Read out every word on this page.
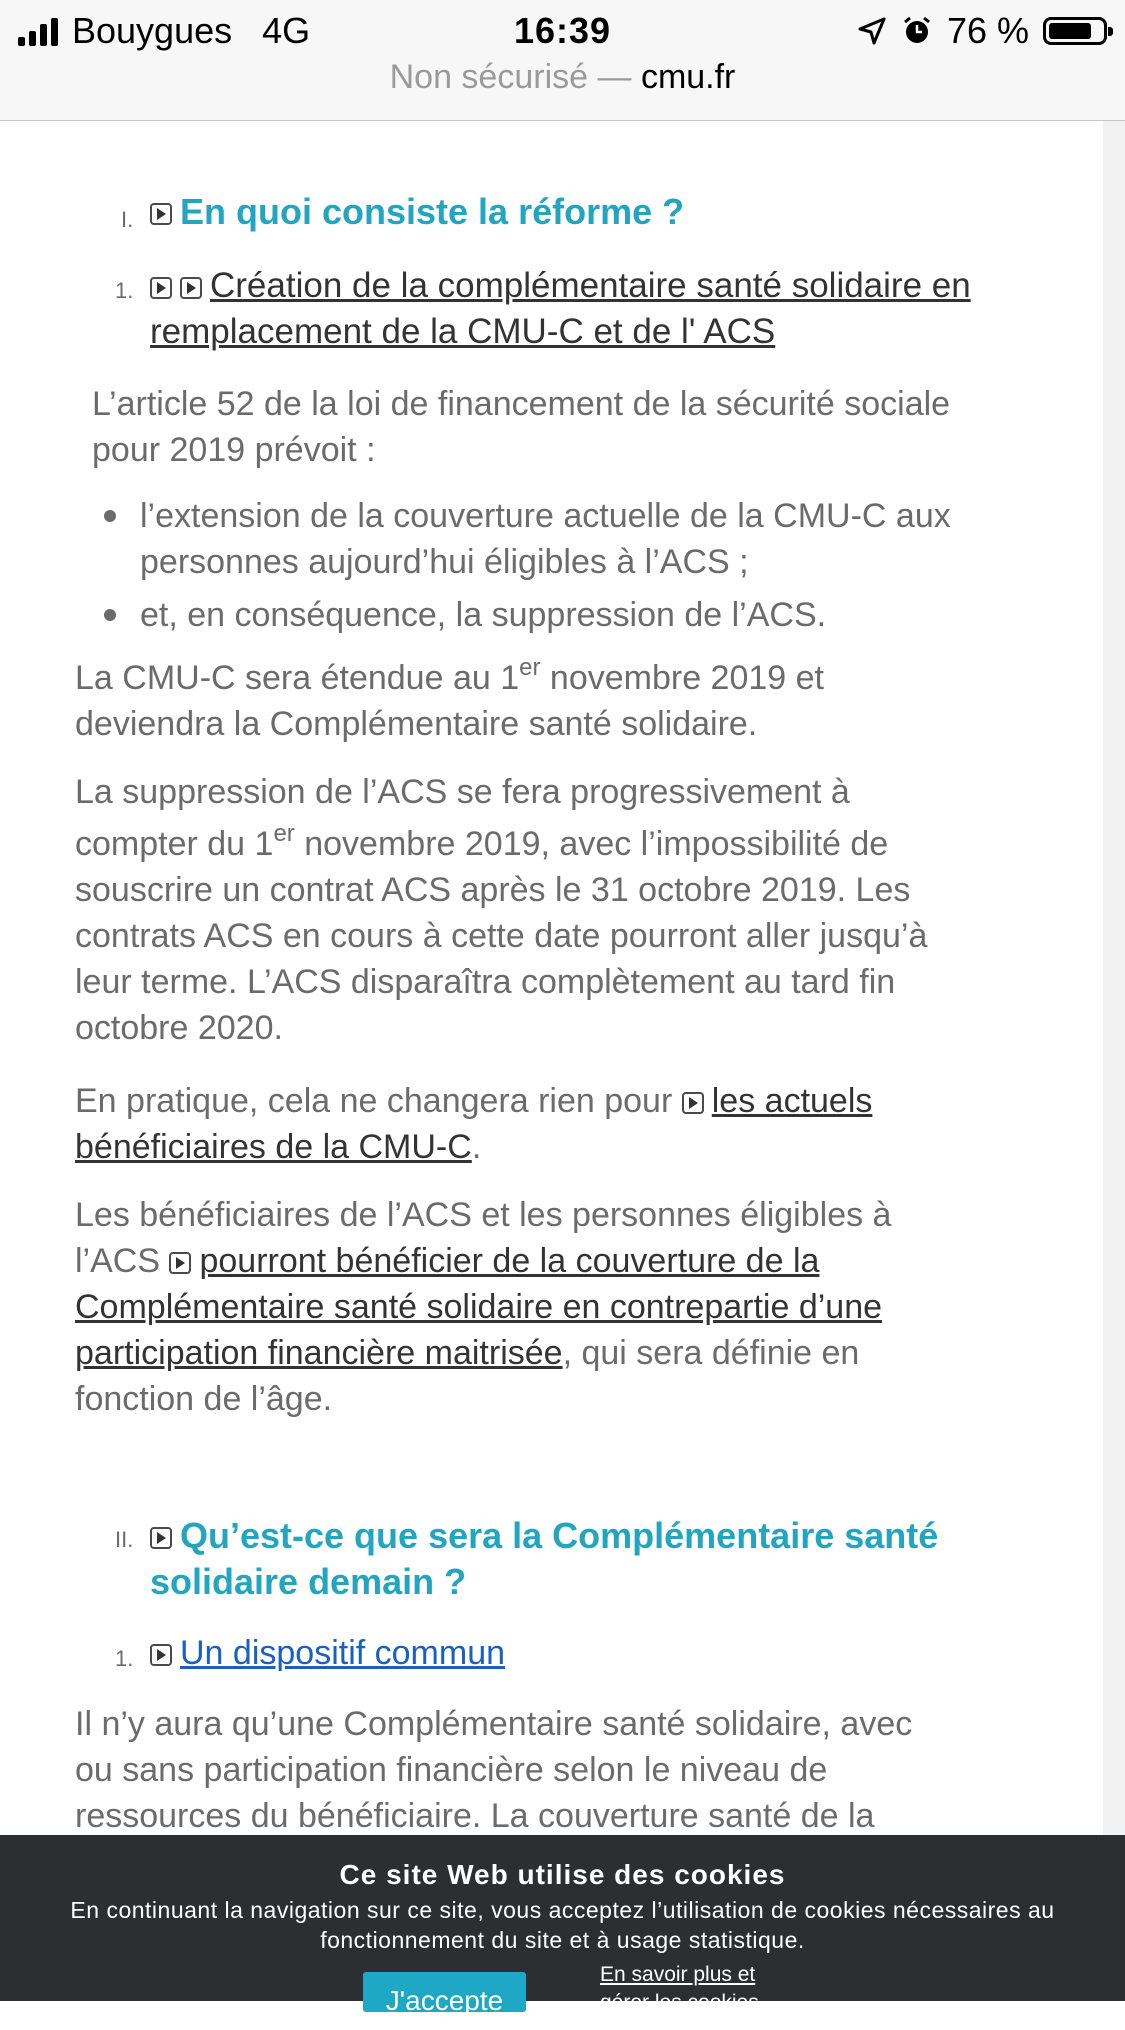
Bouygues 4G	16:39	76 %
Non sécurisé — cmu.fr
I.	En quoi consiste la réforme ?
1.	Création de la complémentaire santé solidaire en
remplacement de la CMU-C et de l' ACS
L’article 52 de la loi de financement de la sécurité sociale
pour 2019 prévoit :
l’extension de la couverture actuelle de la CMU-C aux
personnes aujourd’hui éligibles à l’ACS ;
et, en conséquence, la suppression de l’ACS.
La CMU-C sera étendue au 1er novembre 2019 et
deviendra la Complémentaire santé solidaire.
La suppression de l’ACS se fera progressivement à
compter du 1er novembre 2019, avec l’impossibilité de
souscrire un contrat ACS après le 31 octobre 2019. Les
contrats ACS en cours à cette date pourront aller jusqu’à
leur terme. L’ACS disparaîtra complètement au tard fin
octobre 2020.
En pratique, cela ne changera rien pour les actuels
bénéficiaires de la CMU-C.
Les bénéficiaires de l’ACS et les personnes éligibles à
l’ACS pourront bénéficier de la couverture de la
Complémentaire santé solidaire en contrepartie d’une
participation financière maitrisée, qui sera définie en
fonction de l’âge.
II.	Qu’est-ce que sera la Complémentaire santé
solidaire demain ?
1.	Un dispositif commun
Il n’y aura qu’une Complémentaire santé solidaire, avec
ou sans participation financière selon le niveau de
ressources du bénéficiaire. La couverture santé de la
Ce site Web utilise des cookies
En continuant la navigation sur ce site, vous acceptez l’utilisation de cookies nécessaires au
fonctionnement du site et à usage statistique.
J'accepte
En savoir plus et
gérer les cookies
